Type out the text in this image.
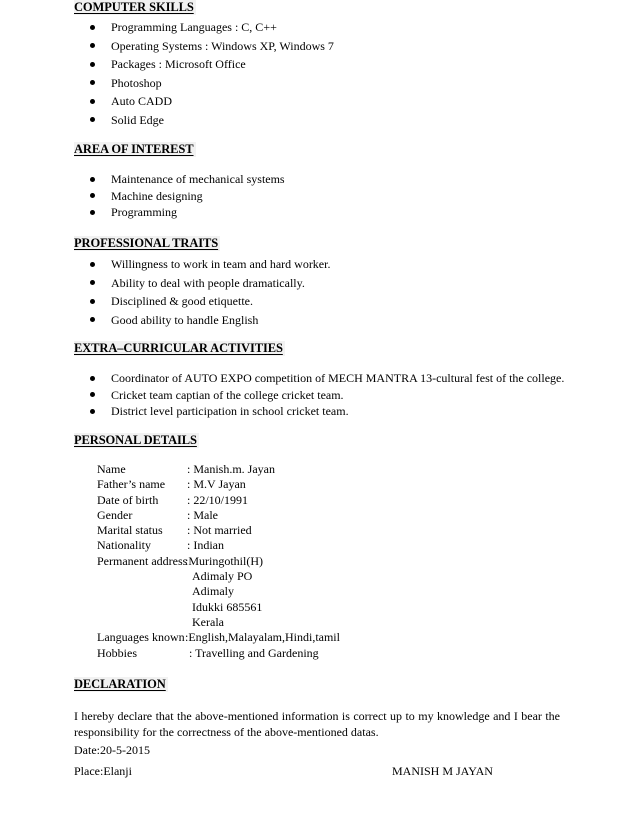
COMPUTER SKILLS
Programming Languages : C, C++
Operating Systems : Windows XP, Windows 7
Packages : Microsoft Office
Photoshop
Auto CADD
Solid Edge
AREA OF INTEREST
Maintenance of mechanical systems
Machine designing
Programming
PROFESSIONAL TRAITS
Willingness to work in team and hard worker.
Ability to deal with people dramatically.
Disciplined & good etiquette.
Good ability to handle English
EXTRA–CURRICULAR ACTIVITIES
Coordinator of AUTO EXPO competition of MECH MANTRA 13-cultural fest of the college.
Cricket team captian of the college cricket team.
District level participation in school cricket team.
PERSONAL DETAILS
Name	: Manish.m. Jayan
Father’s name : M.V Jayan
Date of birth : 22/10/1991
Gender	: Male
Marital status : Not married
Nationality	: Indian
Permanent address
:Muringothil(H)
Adimaly PO
Adimaly
Idukki 685561
Kerala
Languages known :English,Malayalam,Hindi,tamil
Hobbies	: Travelling and Gardening
DECLARATION
I hereby declare that the above-mentioned information is correct up to my knowledge and I bear the responsibility for the correctness of the above-mentioned datas.
Date:20-5-2015
Place:Elanji	MANISH M JAYAN
